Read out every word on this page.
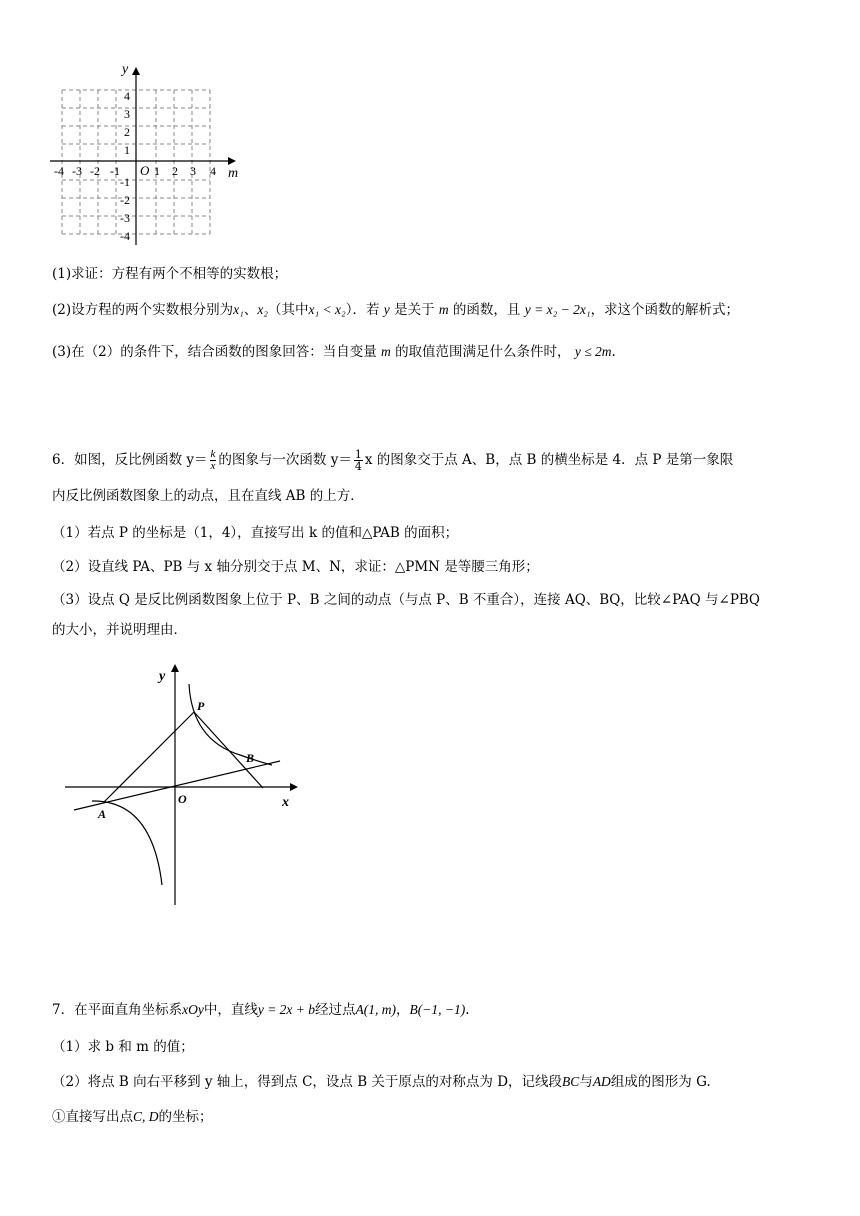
y
m
O
-4 -3 -2 -1	1 2 3 4
4
3
2
1
-1
-2
-3
-4
(1)求证：方程有两个不相等的实数根；
(2)设方程的两个实数根分别为x₁、x₂（其中x₁ < x₂）．若 y 是关于 m 的函数，且 y = x₂ − 2x₁，求这个函数的解析式；
(3)在（2）的条件下，结合函数的图象回答：当自变量 m 的取值范围满足什么条件时， y ≤ 2m.
6．如图，反比例函数 $y= \frac{k}{x}$ 的图象与一次函数 $y= \frac{1}{4}$ x 的图象交于点 A、B，点 B 的横坐标是 4．点 P 是第一象限
内反比例函数图象上的动点，且在直线 AB 的上方．
（1）若点 P 的坐标是（1，4），直接写出 k 的值和△PAB 的面积；
（2）设直线 PA、PB 与 x 轴分别交于点 M、N，求证：△PMN 是等腰三角形；
（3）设点 Q 是反比例函数图象上位于 P、B 之间的动点（与点 P、B 不重合），连接 AQ、BQ，比较∠PAQ 与∠PBQ
的大小，并说明理由．
y
x
O
P
A
B
7．在平面直角坐标系xOy中，直线y = 2x + b经过点A(1, m)，B(−1, −1).
（1）求 b 和 m 的值；
（2）将点 B 向右平移到 y 轴上，得到点 C，设点 B 关于原点的对称点为 D，记线段BC与AD组成的图形为 G.
①直接写出点C, D的坐标；
